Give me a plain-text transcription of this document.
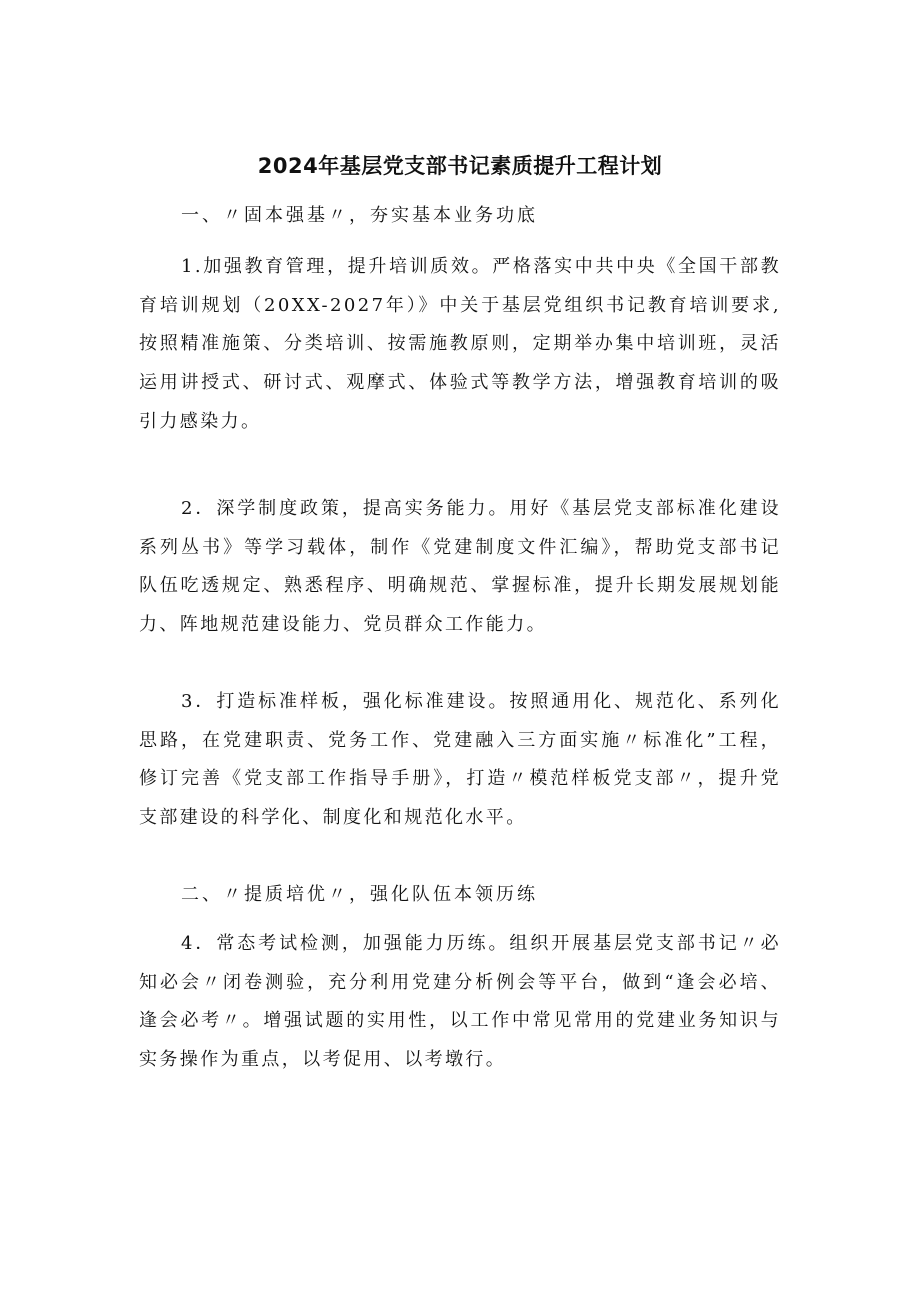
2024年基层党支部书记素质提升工程计划
一、〃固本强基〃，夯实基本业务功底
1.加强教育管理，提升培训质效。严格落实中共中央《全国干部教育培训规划（20XX-2027年）》中关于基层党组织书记教育培训要求,按照精准施策、分类培训、按需施教原则，定期举办集中培训班，灵活运用讲授式、研讨式、观摩式、体验式等教学方法，增强教育培训的吸引力感染力。
2．深学制度政策，提高实务能力。用好《基层党支部标准化建设系列丛书》等学习载体，制作《党建制度文件汇编》，帮助党支部书记队伍吃透规定、熟悉程序、明确规范、掌握标准，提升长期发展规划能力、阵地规范建设能力、党员群众工作能力。
3．打造标准样板，强化标准建设。按照通用化、规范化、系列化思路，在党建职责、党务工作、党建融入三方面实施〃标准化”工程，修订完善《党支部工作指导手册》，打造〃模范样板党支部〃，提升党支部建设的科学化、制度化和规范化水平。
二、〃提质培优〃，强化队伍本领历练
4．常态考试检测，加强能力历练。组织开展基层党支部书记〃必知必会〃闭卷测验，充分利用党建分析例会等平台，做到“逢会必培、逢会必考〃。增强试题的实用性，以工作中常见常用的党建业务知识与实务操作为重点，以考促用、以考墩行。
